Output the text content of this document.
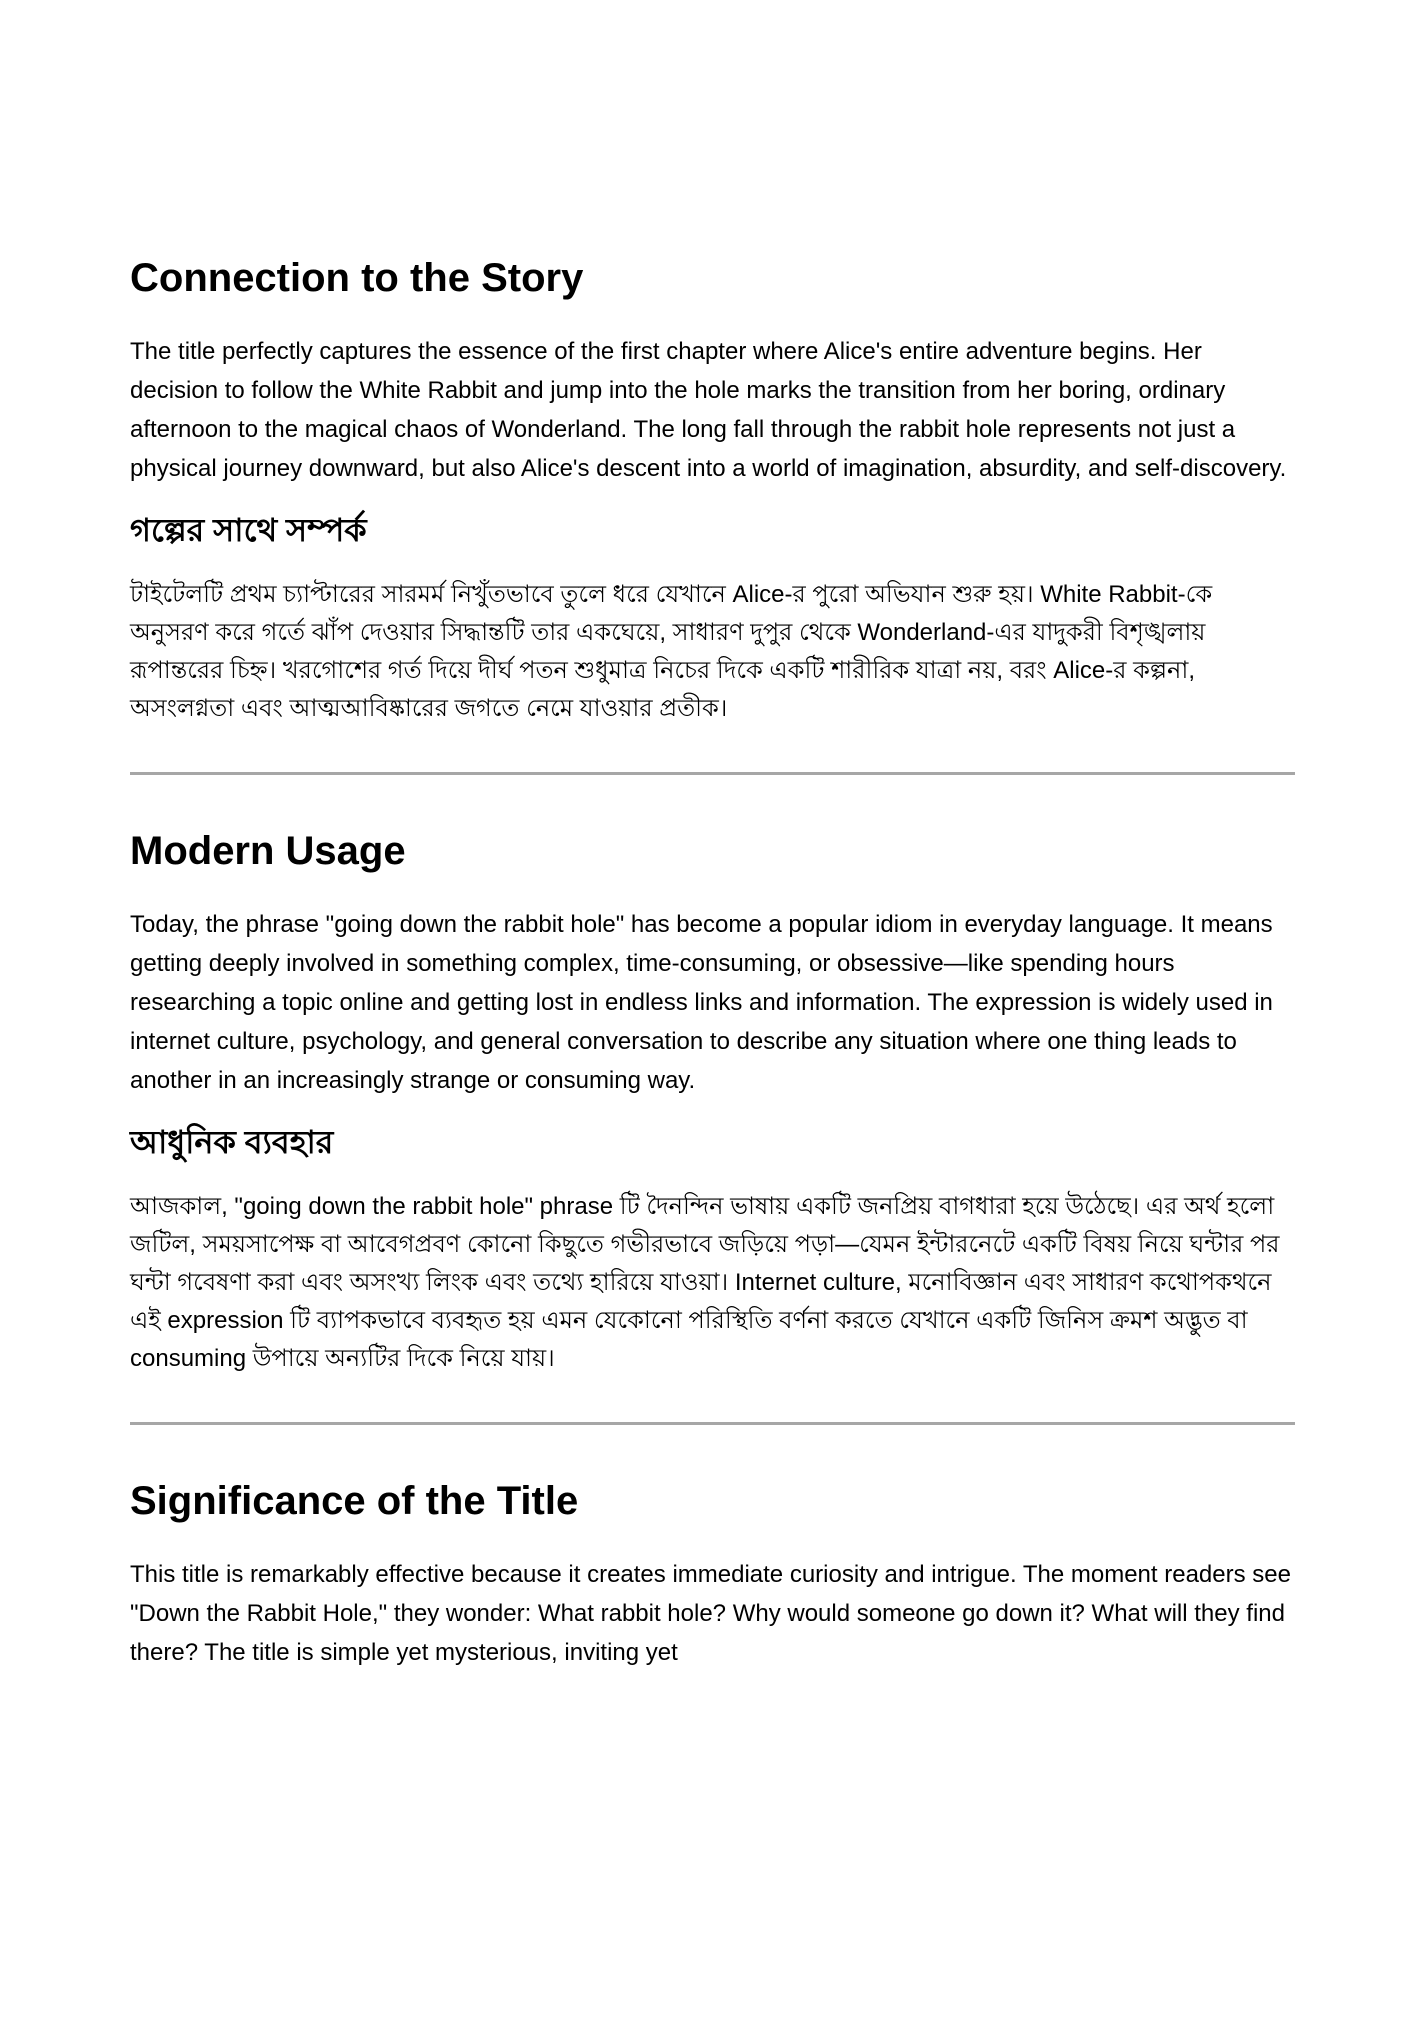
Connection to the Story

The title perfectly captures the essence of the first chapter where Alice's entire adventure begins. Her decision to follow the White Rabbit and jump into the hole marks the transition from her boring, ordinary afternoon to the magical chaos of Wonderland. The long fall through the rabbit hole represents not just a physical journey downward, but also Alice's descent into a world of imagination, absurdity, and self-discovery.

গল্পের সাথে সম্পর্ক

টাইটেলটি প্রথম চ্যাপ্টারের সারমর্ম নিখুঁতভাবে তুলে ধরে যেখানে Alice-র পুরো অভিযান শুরু হয়। White Rabbit-কে অনুসরণ করে গর্তে ঝাঁপ দেওয়ার সিদ্ধান্তটি তার একঘেয়ে, সাধারণ দুপুর থেকে Wonderland-এর যাদুকরী বিশৃঙ্খলায় রূপান্তরের চিহ্ন। খরগোশের গর্ত দিয়ে দীর্ঘ পতন শুধুমাত্র নিচের দিকে একটি শারীরিক যাত্রা নয়, বরং Alice-র কল্পনা, অসংলগ্নতা এবং আত্মআবিষ্কারের জগতে নেমে যাওয়ার প্রতীক।

Modern Usage

Today, the phrase "going down the rabbit hole" has become a popular idiom in everyday language. It means getting deeply involved in something complex, time-consuming, or obsessive—like spending hours researching a topic online and getting lost in endless links and information. The expression is widely used in internet culture, psychology, and general conversation to describe any situation where one thing leads to another in an increasingly strange or consuming way.

আধুনিক ব্যবহার

আজকাল, "going down the rabbit hole" phrase টি দৈনন্দিন ভাষায় একটি জনপ্রিয় বাগধারা হয়ে উঠেছে। এর অর্থ হলো জটিল, সময়সাপেক্ষ বা আবেগপ্রবণ কোনো কিছুতে গভীরভাবে জড়িয়ে পড়া—যেমন ইন্টারনেটে একটি বিষয় নিয়ে ঘন্টার পর ঘন্টা গবেষণা করা এবং অসংখ্য লিংক এবং তথ্যে হারিয়ে যাওয়া। Internet culture, মনোবিজ্ঞান এবং সাধারণ কথোপকথনে এই expression টি ব্যাপকভাবে ব্যবহৃত হয় এমন যেকোনো পরিস্থিতি বর্ণনা করতে যেখানে একটি জিনিস ক্রমশ অদ্ভুত বা consuming উপায়ে অন্যটির দিকে নিয়ে যায়।

Significance of the Title

This title is remarkably effective because it creates immediate curiosity and intrigue. The moment readers see "Down the Rabbit Hole," they wonder: What rabbit hole? Why would someone go down it? What will they find there? The title is simple yet mysterious, inviting yet
